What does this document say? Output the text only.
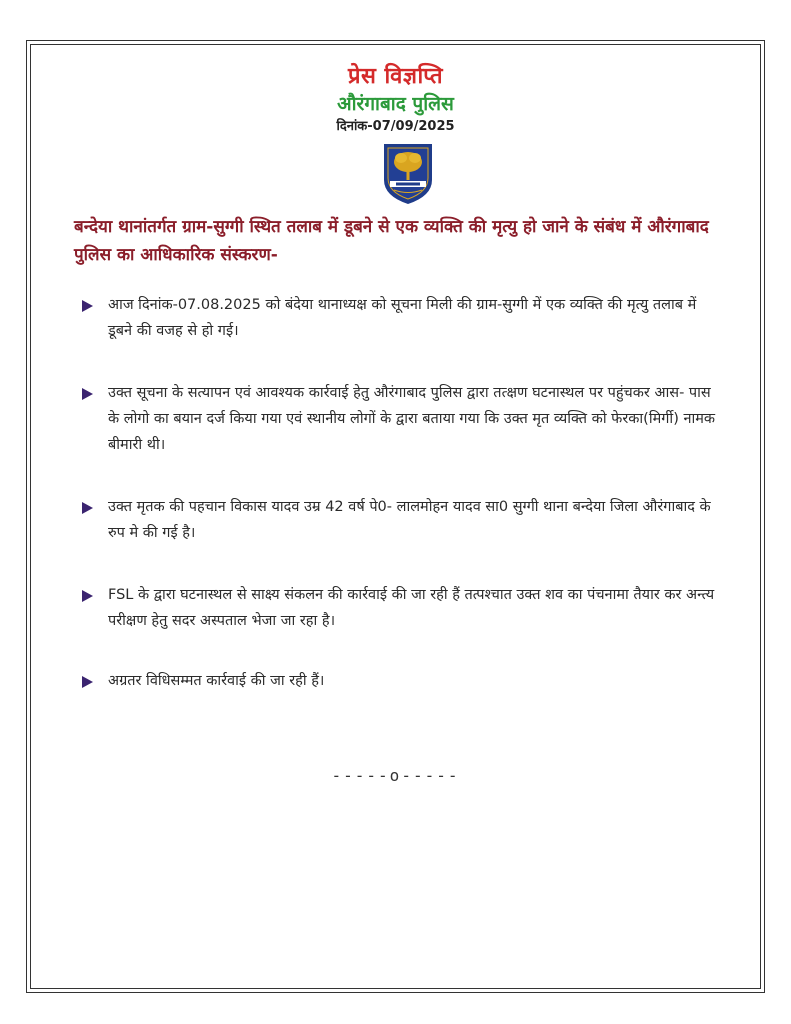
प्रेस विज्ञप्ति
औरंगाबाद पुलिस
दिनांक-07/09/2025
बन्देया थानांतर्गत ग्राम-सुग्गी स्थित तलाब में डूबने से एक व्यक्ति की मृत्यु हो जाने के संबंध में औरंगाबाद पुलिस का आधिकारिक संस्करण-
आज दिनांक-07.08.2025 को बंदेया थानाध्यक्ष को सूचना मिली की ग्राम-सुग्गी में एक व्यक्ति की मृत्यु तलाब में डूबने की वजह से हो गई।
उक्त सूचना के सत्यापन एवं आवश्यक कार्रवाई हेतु औरंगाबाद पुलिस द्वारा तत्क्षण घटनास्थल पर पहुंचकर आस- पास के लोगो का बयान दर्ज किया गया एवं स्थानीय लोगों के द्वारा बताया गया कि उक्त मृत व्यक्ति को फेरका(मिर्गी) नामक बीमारी थी।
उक्त मृतक की पहचान विकास यादव उम्र 42 वर्ष पे0- लालमोहन यादव सा0 सुग्गी थाना बन्देया जिला औरंगाबाद के रुप मे की गई है।
FSL के द्वारा घटनास्थल से साक्ष्य संकलन की कार्रवाई की जा रही हैं तत्पश्चात उक्त शव का पंचनामा तैयार कर अन्त्य परीक्षण हेतु सदर अस्पताल भेजा जा रहा है।
अग्रतर विधिसम्मत कार्रवाई की जा रही हैं।
-----o-----
